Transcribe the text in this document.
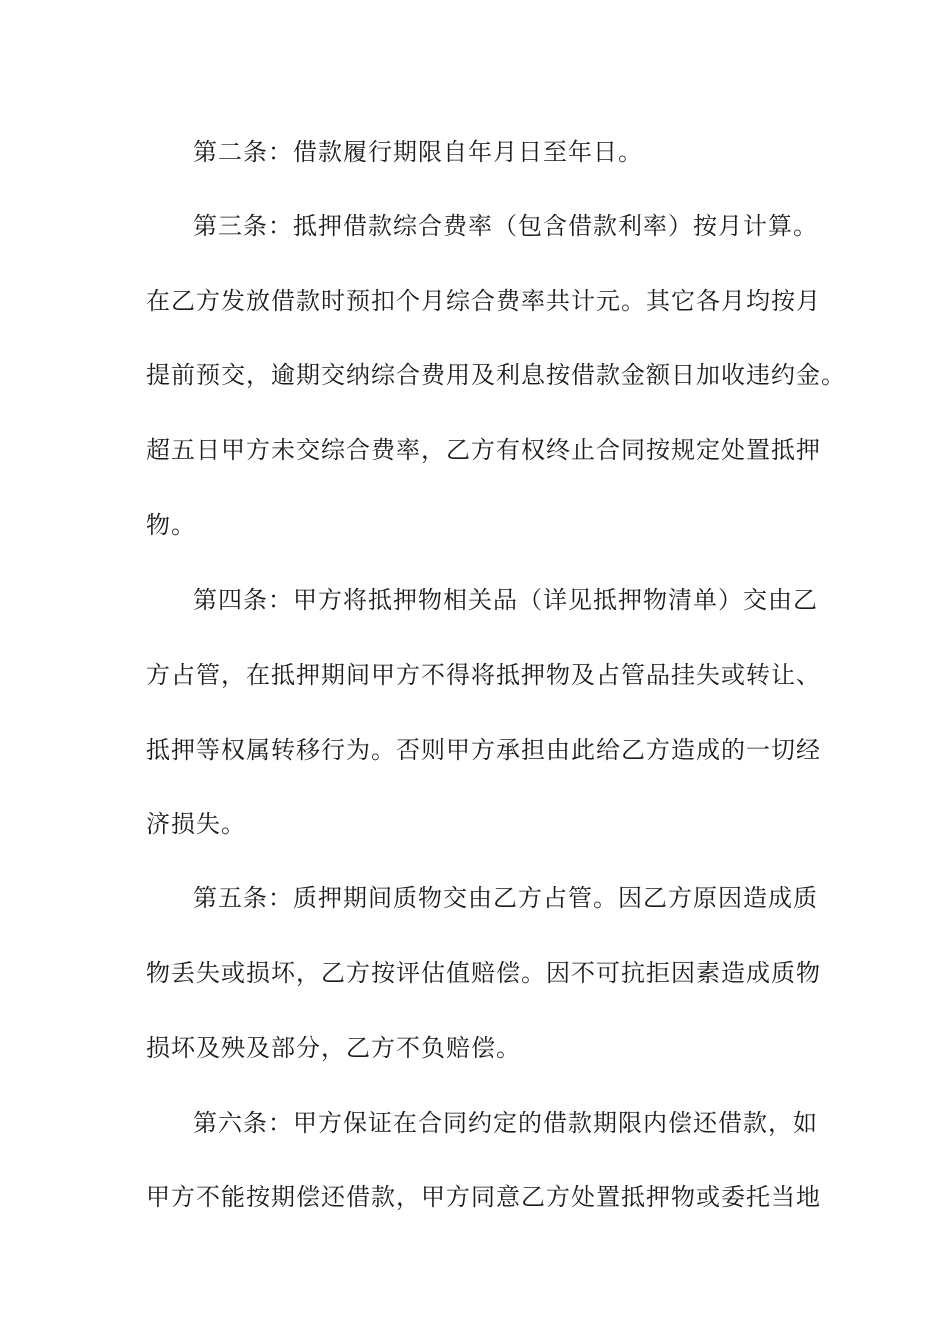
第二条：借款履行期限自年月日至年日。
第三条：抵押借款综合费率（包含借款利率）按月计算。
在乙方发放借款时预扣个月综合费率共计元。其它各月均按月
提前预交，逾期交纳综合费用及利息按借款金额日加收违约金。
超五日甲方未交综合费率，乙方有权终止合同按规定处置抵押
物。
第四条：甲方将抵押物相关品（详见抵押物清单）交由乙
方占管，在抵押期间甲方不得将抵押物及占管品挂失或转让、
抵押等权属转移行为。否则甲方承担由此给乙方造成的一切经
济损失。
第五条：质押期间质物交由乙方占管。因乙方原因造成质
物丢失或损坏，乙方按评估值赔偿。因不可抗拒因素造成质物
损坏及殃及部分，乙方不负赔偿。
第六条：甲方保证在合同约定的借款期限内偿还借款，如
甲方不能按期偿还借款，甲方同意乙方处置抵押物或委托当地
